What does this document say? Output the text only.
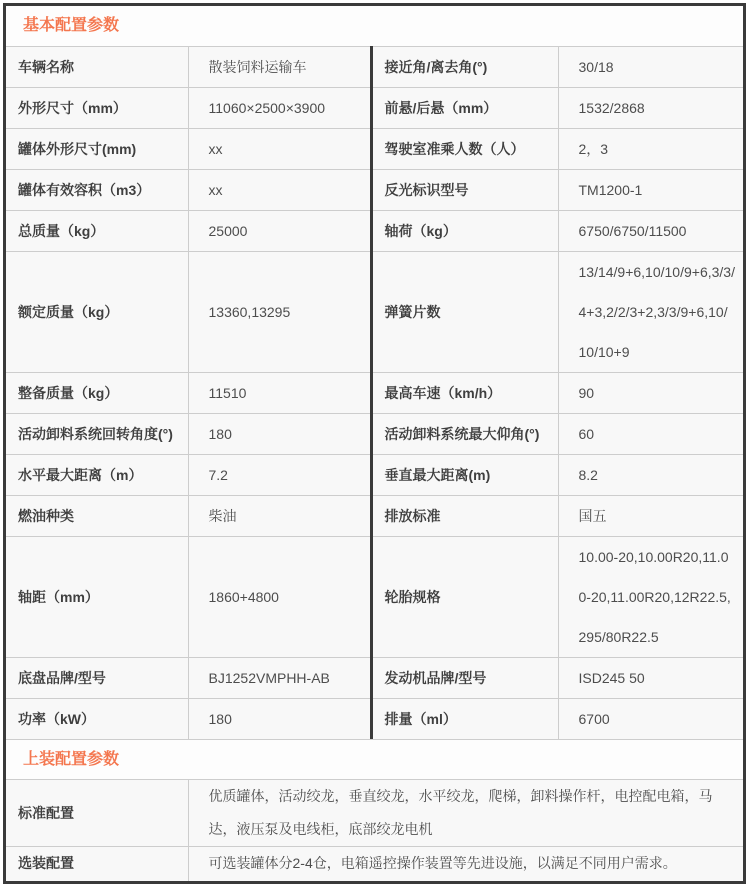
基本配置参数
车辆名称	散装饲料运输车	接近角/离去角(°)	30/18
外形尺寸（mm）	11060×2500×3900	前悬/后悬（mm）	1532/2868
罐体外形尺寸(mm)	xx	驾驶室准乘人数（人）	2，3
罐体有效容积（m3）	xx	反光标识型号	TM1200-1
总质量（kg）	25000	轴荷（kg）	6750/6750/11500
额定质量（kg）	13360,13295	弹簧片数	13/14/9+6,10/10/9+6,3/3/4+3,2/2/3+2,3/3/9+6,10/10/10+9
整备质量（kg）	11510	最高车速（km/h）	90
活动卸料系统回转角度(°)	180	活动卸料系统最大仰角(°)	60
水平最大距离（m）	7.2	垂直最大距离(m)	8.2
燃油种类	柴油	排放标准	国五
轴距（mm）	1860+4800	轮胎规格	10.00-20,10.00R20,11.00-20,11.00R20,12R22.5,295/80R22.5
底盘品牌/型号	BJ1252VMPHH-AB	发动机品牌/型号	ISD245 50
功率（kW）	180	排量（ml）	6700
上装配置参数
标准配置	优质罐体，活动绞龙，垂直绞龙，水平绞龙，爬梯，卸料操作杆，电控配电箱，马达，液压泵及电线柜，底部绞龙电机
选装配置	可选装罐体分2-4仓，电箱遥控操作装置等先进设施，以满足不同用户需求。
